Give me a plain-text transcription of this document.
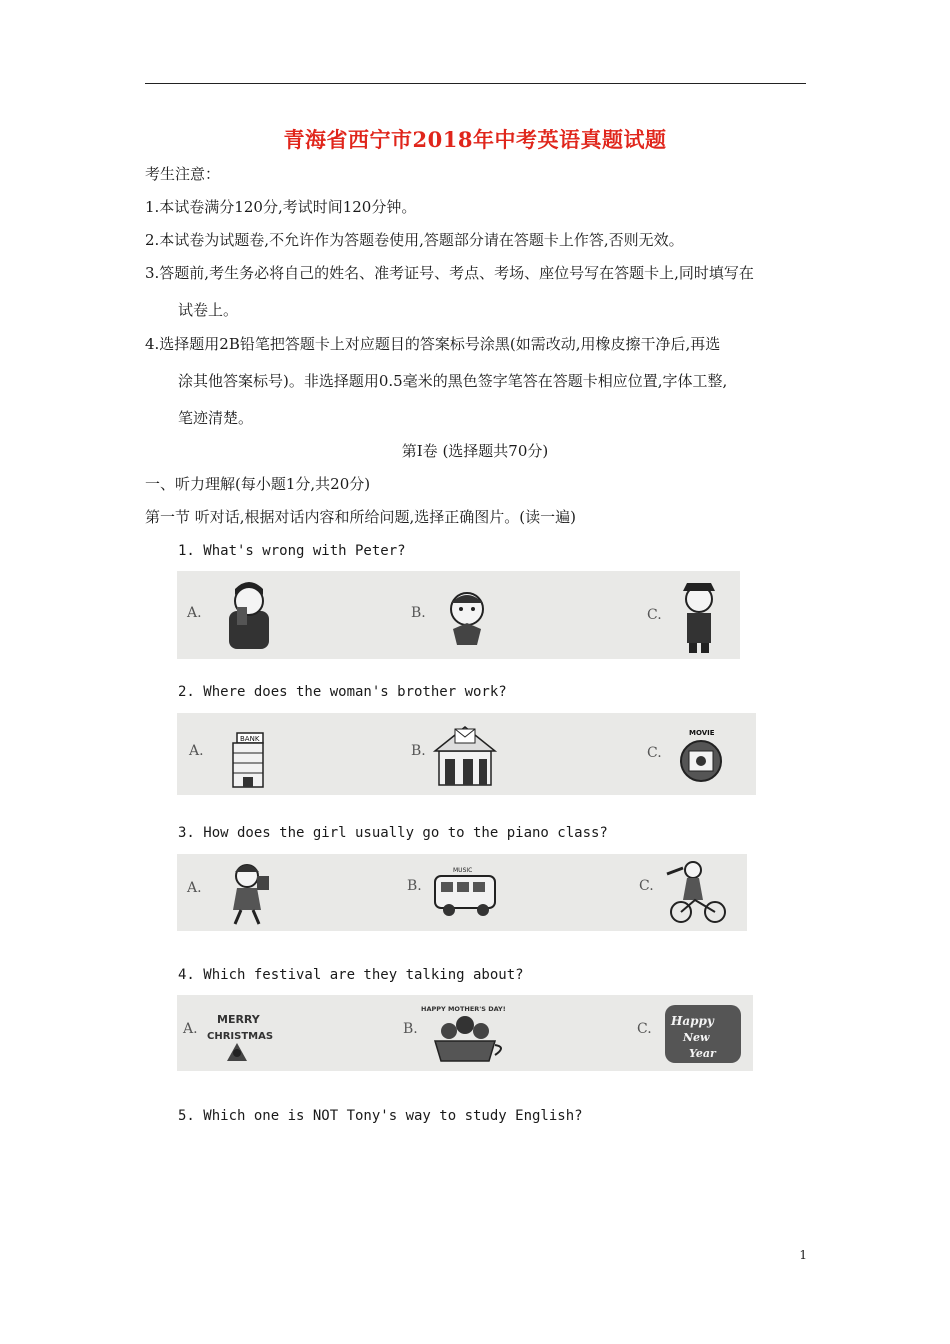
青海省西宁市2018年中考英语真题试题
考生注意：
1.本试卷满分120分,考试时间120分钟。
2.本试卷为试题卷,不允许作为答题卷使用,答题部分请在答题卡上作答,否则无效。
3.答题前,考生务必将自己的姓名、准考证号、考点、考场、座位号写在答题卡上,同时填写在
试卷上。
4.选择题用2B铅笔把答题卡上对应题目的答案标号涂黑(如需改动,用橡皮擦干净后,再选
涂其他答案标号)。非选择题用0.5毫米的黑色签字笔答在答题卡相应位置,字体工整,
笔迹清楚。
第Ⅰ卷 (选择题共70分)
一、听力理解(每小题1分,共20分)
第一节 听对话,根据对话内容和所给问题,选择正确图片。(读一遍)
1. What's wrong with Peter?
A.	B.	C.
2. Where does the woman's brother work?
A.
BANK
B.	C.
MOVIE
3. How does the girl usually go to the piano class?
A.	B.
MUSIC
C.
4. Which festival are they talking about?
A.
MERRY
CHRISTMAS	B.
HAPPY MOTHER'S DAY!
C. Happy
New
Year
5. Which one is NOT Tony's way to study English?
1
